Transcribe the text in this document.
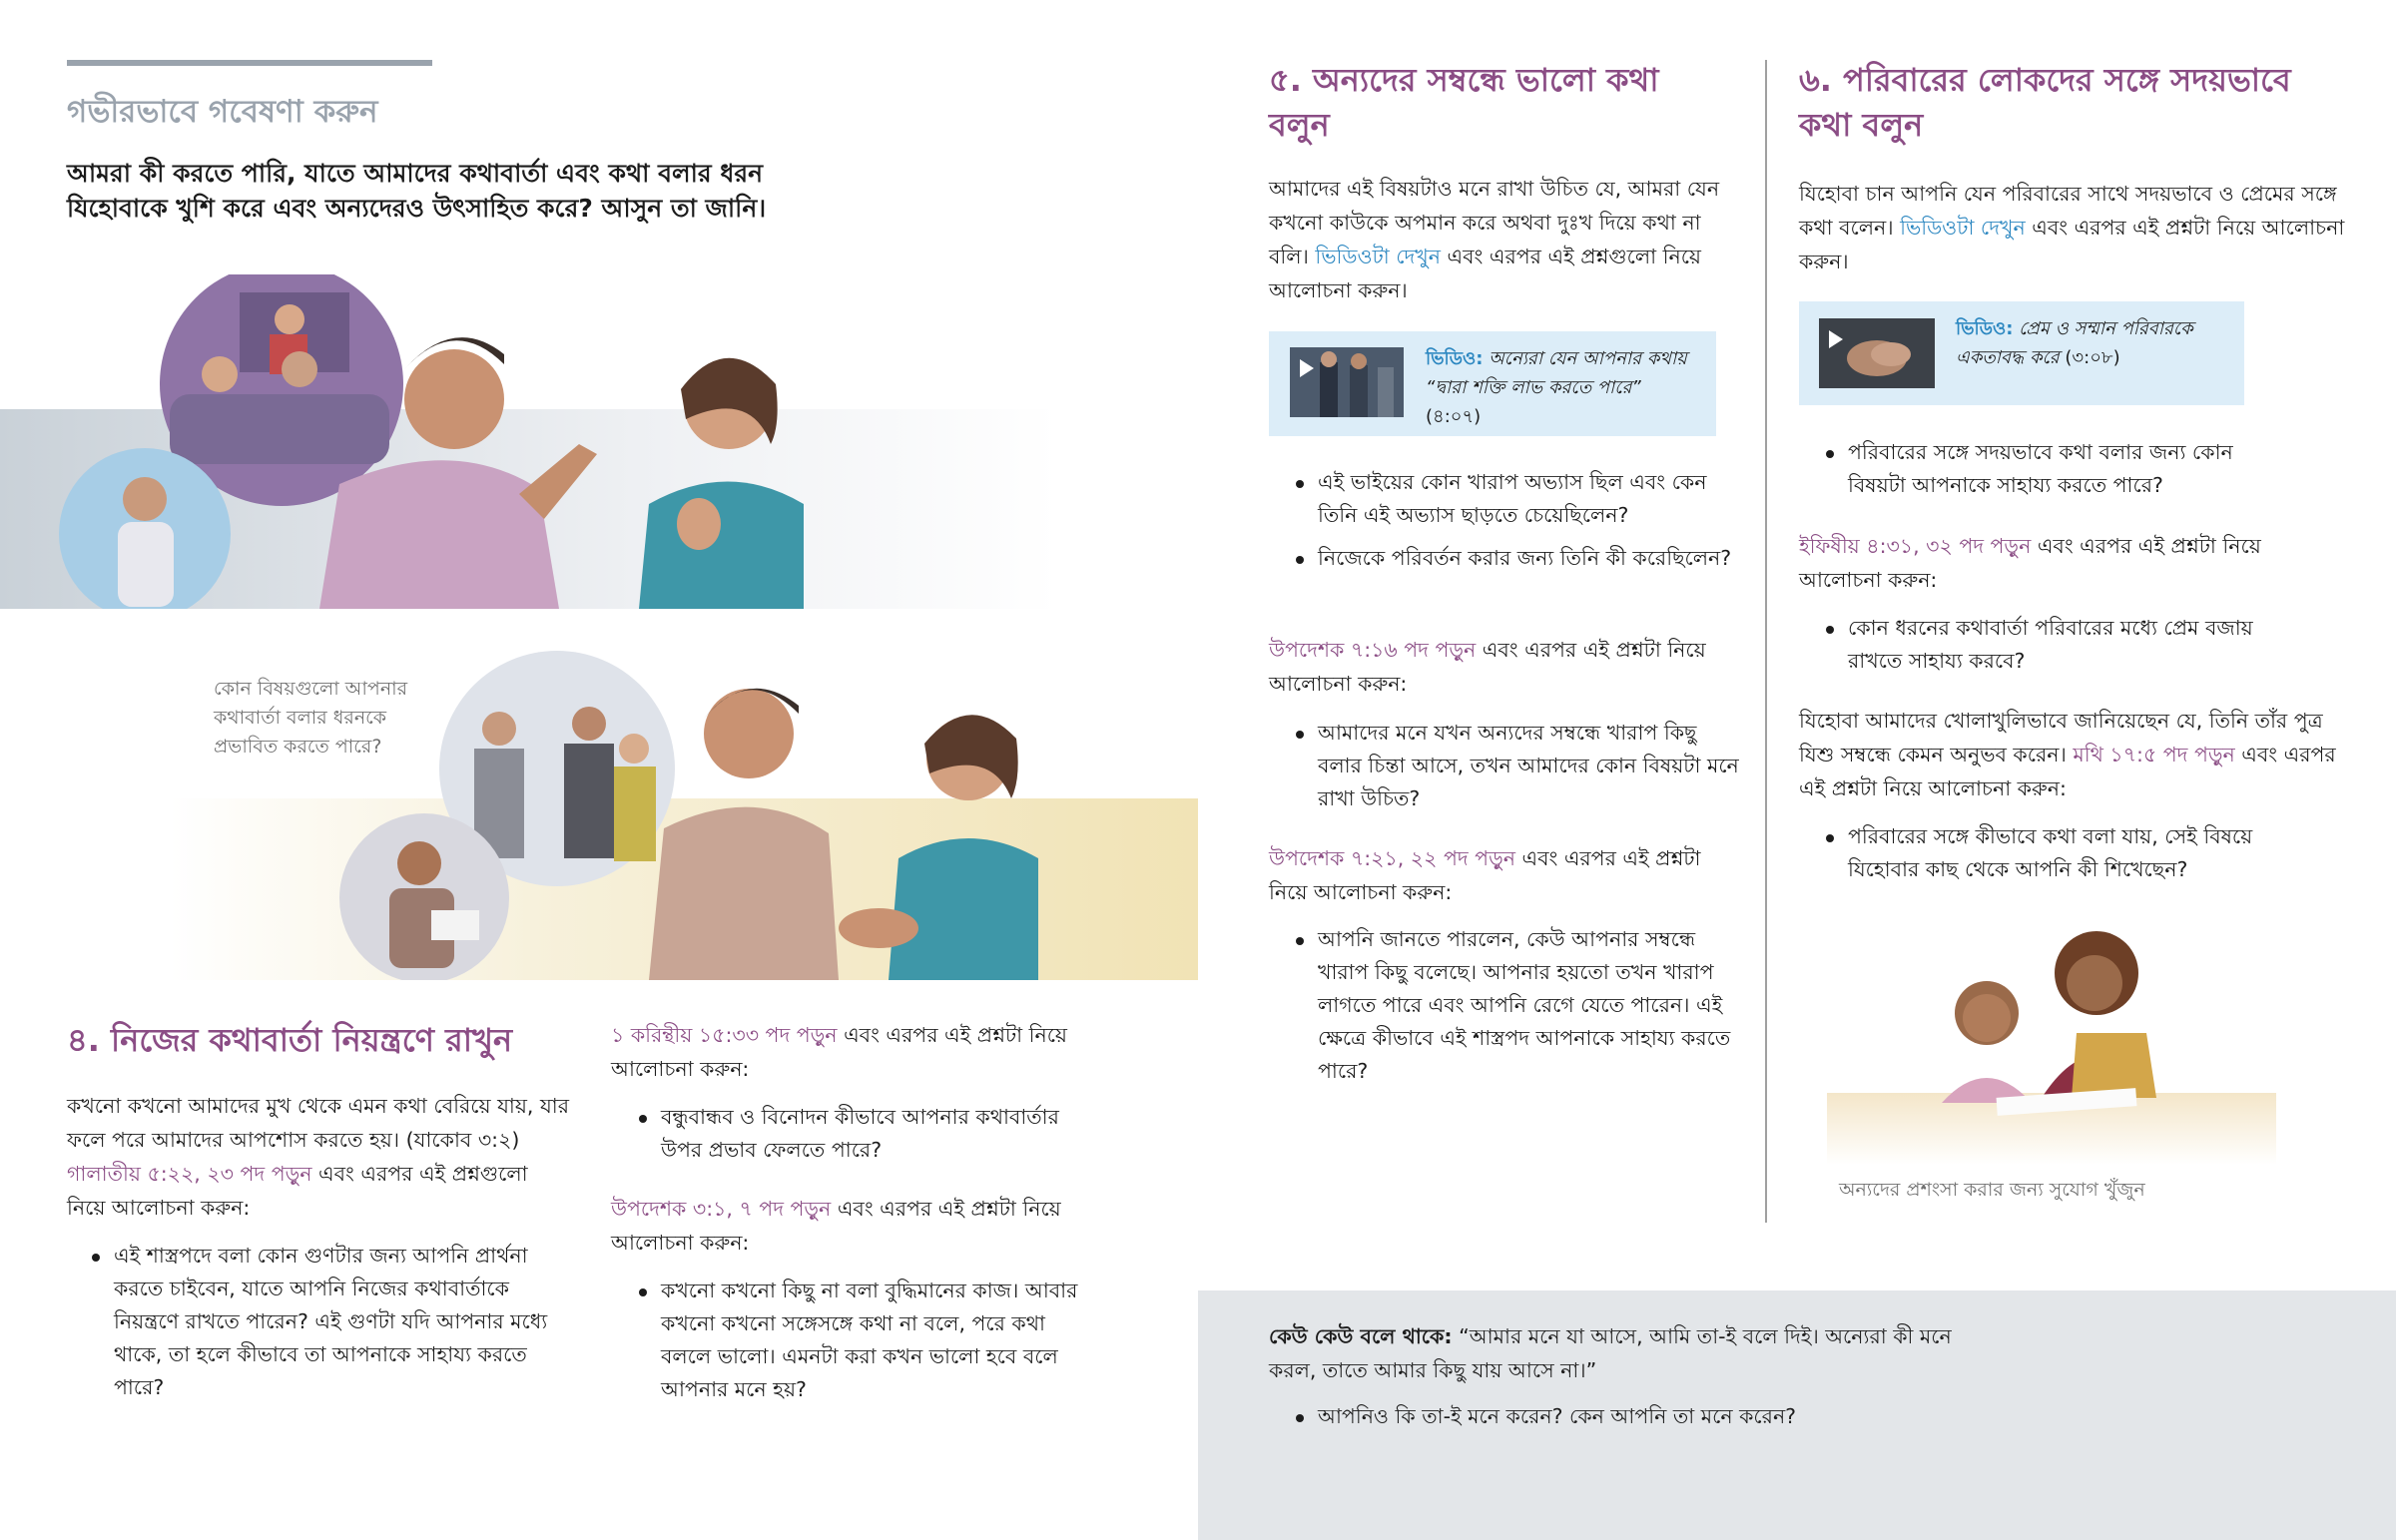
গভীরভাবে গবেষণা করুন

আমরা কী করতে পারি, যাতে আমাদের কথাবার্তা এবং কথা বলার ধরন যিহোবাকে খুশি করে এবং অন্যদেরও উৎসাহিত করে? আসুন তা জানি।

কোন বিষয়গুলো আপনার কথাবার্তা বলার ধরনকে প্রভাবিত করতে পারে?
৪. নিজের কথাবার্তা নিয়ন্ত্রণে রাখুন

কখনো কখনো আমাদের মুখ থেকে এমন কথা বেরিয়ে যায়, যার ফলে পরে আমাদের আপশোস করতে হয়। (যাকোব ৩:২) গালাতীয় ৫:২২, ২৩ পদ পড়ুন এবং এরপর এই প্রশ্নগুলো নিয়ে আলোচনা করুন:

এই শাস্ত্রপদে বলা কোন গুণটার জন্য আপনি প্রার্থনা করতে চাইবেন, যাতে আপনি নিজের কথাবার্তাকে নিয়ন্ত্রণে রাখতে পারেন? এই গুণটা যদি আপনার মধ্যে থাকে, তা হলে কীভাবে তা আপনাকে সাহায্য করতে পারে?

১ করিন্থীয় ১৫:৩৩ পদ পড়ুন এবং এরপর এই প্রশ্নটা নিয়ে আলোচনা করুন:

বন্ধুবান্ধব ও বিনোদন কীভাবে আপনার কথাবার্তার উপর প্রভাব ফেলতে পারে?

উপদেশক ৩:১, ৭ পদ পড়ুন এবং এরপর এই প্রশ্নটা নিয়ে আলোচনা করুন:

কখনো কখনো কিছু না বলা বুদ্ধিমানের কাজ। আবার কখনো কখনো সঙ্গেসঙ্গে কথা না বলে, পরে কথা বললে ভালো। এমনটা করা কখন ভালো হবে বলে আপনার মনে হয়?
৫. অন্যদের সম্বন্ধে ভালো কথা বলুন

আমাদের এই বিষয়টাও মনে রাখা উচিত যে, আমরা যেন কখনো কাউকে অপমান করে অথবা দুঃখ দিয়ে কথা না বলি। ভিডিওটা দেখুন এবং এরপর এই প্রশ্নগুলো নিয়ে আলোচনা করুন।

ভিডিও: অন্যেরা যেন আপনার কথায় “দ্বারা শক্তি লাভ করতে পারে” (৪:০৭)
এই ভাইয়ের কোন খারাপ অভ্যাস ছিল এবং কেন তিনি এই অভ্যাস ছাড়তে চেয়েছিলেন?
নিজেকে পরিবর্তন করার জন্য তিনি কী করেছিলেন?

উপদেশক ৭:১৬ পদ পড়ুন এবং এরপর এই প্রশ্নটা নিয়ে আলোচনা করুন:

আমাদের মনে যখন অন্যদের সম্বন্ধে খারাপ কিছু বলার চিন্তা আসে, তখন আমাদের কোন বিষয়টা মনে রাখা উচিত?

উপদেশক ৭:২১, ২২ পদ পড়ুন এবং এরপর এই প্রশ্নটা নিয়ে আলোচনা করুন:

আপনি জানতে পারলেন, কেউ আপনার সম্বন্ধে খারাপ কিছু বলেছে। আপনার হয়তো তখন খারাপ লাগতে পারে এবং আপনি রেগে যেতে পারেন। এই ক্ষেত্রে কীভাবে এই শাস্ত্রপদ আপনাকে সাহায্য করতে পারে?
৬. পরিবারের লোকদের সঙ্গে সদয়ভাবে কথা বলুন

যিহোবা চান আপনি যেন পরিবারের সাথে সদয়ভাবে ও প্রেমের সঙ্গে কথা বলেন। ভিডিওটা দেখুন এবং এরপর এই প্রশ্নটা নিয়ে আলোচনা করুন।

ভিডিও: প্রেম ও সম্মান পরিবারকে একতাবদ্ধ করে (৩:০৮)
পরিবারের সঙ্গে সদয়ভাবে কথা বলার জন্য কোন বিষয়টা আপনাকে সাহায্য করতে পারে?

ইফিষীয় ৪:৩১, ৩২ পদ পড়ুন এবং এরপর এই প্রশ্নটা নিয়ে আলোচনা করুন:

কোন ধরনের কথাবার্তা পরিবারের মধ্যে প্রেম বজায় রাখতে সাহায্য করবে?

যিহোবা আমাদের খোলাখুলিভাবে জানিয়েছেন যে, তিনি তাঁর পুত্র যিশু সম্বন্ধে কেমন অনুভব করেন। মথি ১৭:৫ পদ পড়ুন এবং এরপর এই প্রশ্নটা নিয়ে আলোচনা করুন:

পরিবারের সঙ্গে কীভাবে কথা বলা যায়, সেই বিষয়ে যিহোবার কাছ থেকে আপনি কী শিখেছেন?
অন্যদের প্রশংসা করার জন্য সুযোগ খুঁজুন

কেউ কেউ বলে থাকে: “আমার মনে যা আসে, আমি তা-ই বলে দিই। অন্যেরা কী মনে করল, তাতে আমার কিছু যায় আসে না।”

আপনিও কি তা-ই মনে করেন? কেন আপনি তা মনে করেন?
